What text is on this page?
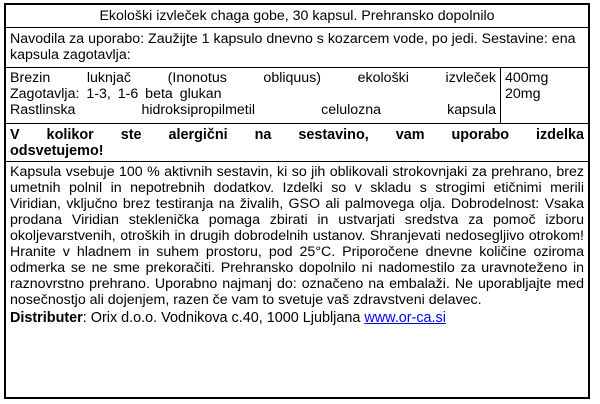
Ekološki izvleček chaga gobe, 30 kapsul. Prehransko dopolnilo
Navodila za uporabo: Zaužijte 1 kapsulo dnevno s kozarcem vode, po jedi. Sestavine: ena kapsula zagotavlja:
Brezin luknjač (Inonotus obliquus) ekološki izvleček
Zagotavlja: 1-3, 1-6 beta glukan
Rastlinska hidroksipropilmetil celulozna kapsula
400mg
20mg
V kolikor ste alergični na sestavino, vam uporabo izdelka
odsvetujemo!

Kapsula vsebuje 100 % aktivnih sestavin, ki so jih oblikovali strokovnjaki za prehrano, brez umetnih polnil in nepotrebnih dodatkov. Izdelki so v skladu s strogimi etičnimi merili Viridian, vključno brez testiranja na živalih, GSO ali palmovega olja. Dobrodelnost: Vsaka prodana Viridian steklenička pomaga zbirati in ustvarjati sredstva za pomoč izboru okoljevarstvenih, otroških in drugih dobrodelnih ustanov. Shranjevati nedosegljivo otrokom! Hranite v hladnem in suhem prostoru, pod 25°C. Priporočene dnevne količine oziroma odmerka se ne sme prekoračiti. Prehransko dopolnilo ni nadomestilo za uravnoteženo in raznovrstno prehrano. Uporabno najmanj do: označeno na embalaži. Ne uporabljajte med nosečnostjo ali dojenjem, razen če vam to svetuje vaš zdravstveni delavec.

Distributer: Orix d.o.o. Vodnikova c.40, 1000 Ljubljana www.or-ca.si
